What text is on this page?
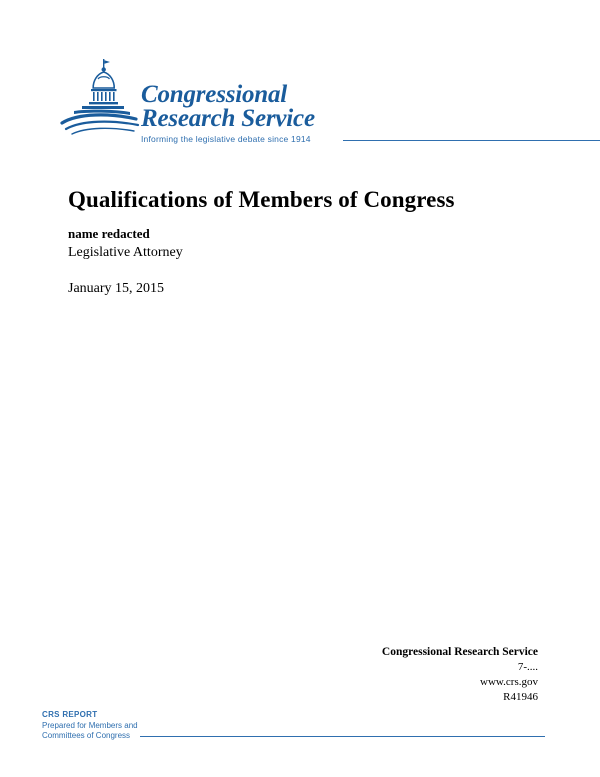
Congressional
Research Service
Informing the legislative debate since 1914
Qualifications of Members of Congress
name redacted
Legislative Attorney
January 15, 2015
Congressional Research Service
7-....
www.crs.gov
R41946
CRS REPORT
Prepared for Members and
Committees of Congress
